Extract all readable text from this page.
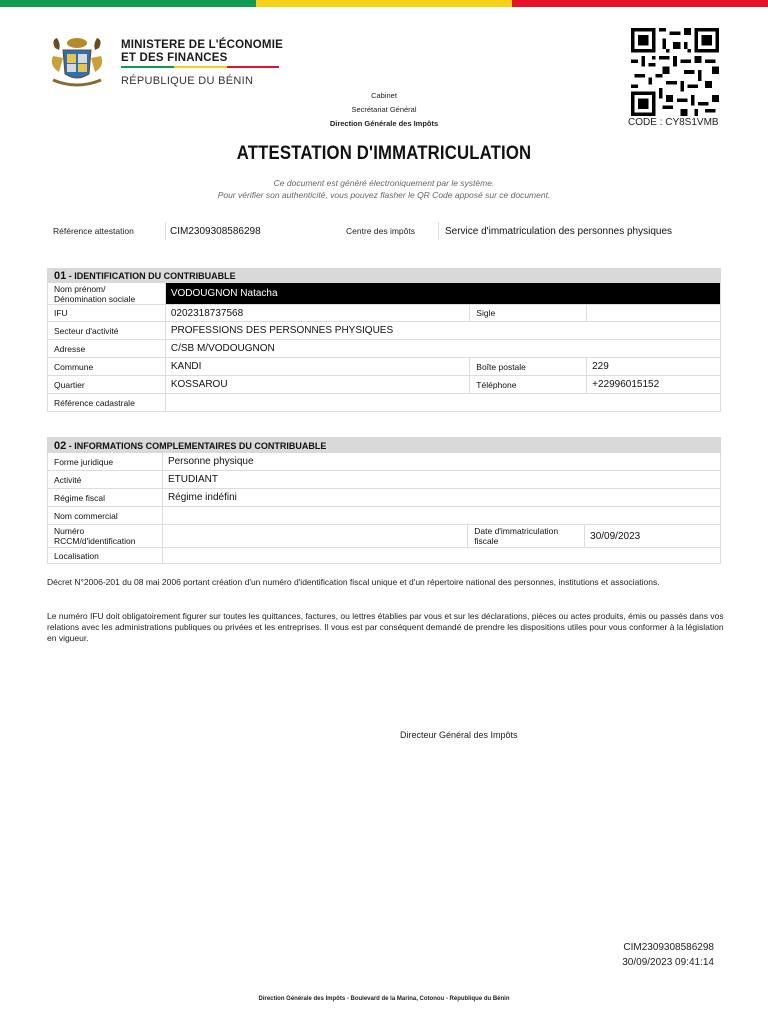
MINISTERE DE L'ÉCONOMIE
ET DES FINANCES
RÉPUBLIQUE DU BÉNIN
Cabinet
Secrétariat Général
Direction Générale des Impôts	CODE : CY8S1VMB
ATTESTATION D'IMMATRICULATION
Ce document est généré électroniquement par le système.
Pour vérifier son authenticité, vous pouvez flasher le QR Code apposé sur ce document.
Référence attestation	CIM2309308586298	Centre des impôts	Service d'immatriculation des personnes physiques
01 - IDENTIFICATION DU CONTRIBUABLE			
Nom prénom/ Dénomination sociale	VODOUGNON Natacha		
IFU	0202318737568	Sigle	
Secteur d'activité	PROFESSIONS DES PERSONNES PHYSIQUES		
Adresse	C/SB M/VODOUGNON		
Commune	KANDI	Boîte postale	229
Quartier	KOSSAROU	Téléphone	+22996015152
Référence cadastrale			
02 - INFORMATIONS COMPLEMENTAIRES DU CONTRIBUABLE			
Forme juridique	Personne physique		
Activité	ETUDIANT		
Régime fiscal	Régime indéfini		
Nom commercial			
Numéro RCCM/d'identification		Date d'immatriculation fiscale	30/09/2023
Localisation			
Décret N°2006-201 du 08 mai 2006 portant création d'un numéro d'identification fiscal unique et d'un répertoire national des personnes, institutions et associations.
Le numéro IFU doit obligatoirement figurer sur toutes les quittances, factures, ou lettres établies par vous et sur les déclarations, pièces ou actes produits, émis ou passés dans vos relations avec les administrations publiques ou privées et les entreprises. Il vous est par conséquent demandé de prendre les dispositions utiles pour vous conformer à la législation en vigueur.
Directeur Général des Impôts
CIM2309308586298
30/09/2023 09:41:14
Direction Générale des Impôts - Boulevard de la Marina, Cotonou - République du Bénin
